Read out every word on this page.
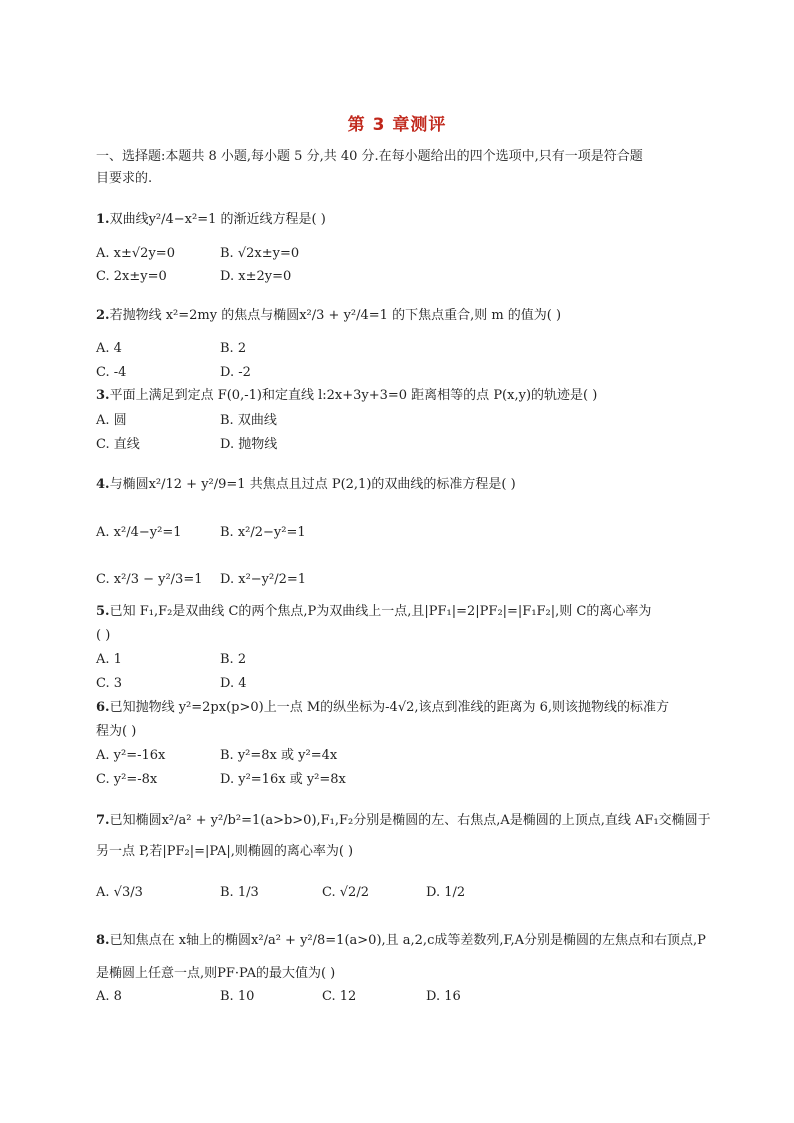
第 3 章测评
一、选择题:本题共 8 小题,每小题 5 分,共 40 分.在每小题给出的四个选项中,只有一项是符合题
目要求的.
1.双曲线y²/4−x²=1 的渐近线方程是( )
A. x±√2y=0	B. √2x±y=0
C. 2x±y=0	D. x±2y=0
2.若抛物线 x²=2my 的焦点与椭圆x²/3 + y²/4=1 的下焦点重合,则 m 的值为( )
A. 4	B. 2
C. -4	D. -2
3.平面上满足到定点 F(0,-1)和定直线 l:2x+3y+3=0 距离相等的点 P(x,y)的轨迹是( )
A. 圆	B. 双曲线
C. 直线	D. 抛物线
4.与椭圆x²/12 + y²/9=1 共焦点且过点 P(2,1)的双曲线的标准方程是( )
A. x²/4−y²=1	B. x²/2−y²=1
C. x²/3 − y²/3=1 D. x²−y²/2=1
5.已知 F₁,F₂是双曲线 C的两个焦点,P为双曲线上一点,且|PF₁|=2|PF₂|=|F₁F₂|,则 C的离心率为
( )
A. 1	B. 2
C. 3	D. 4
6.已知抛物线 y²=2px(p>0)上一点 M的纵坐标为-4√2,该点到准线的距离为 6,则该抛物线的标准方
程为( )
A. y²=-16x	B. y²=8x 或 y²=4x
C. y²=-8x	D. y²=16x 或 y²=8x
7.已知椭圆x²/a² + y²/b²=1(a>b>0),F₁,F₂分别是椭圆的左、右焦点,A是椭圆的上顶点,直线 AF₁交椭圆于
另一点 P,若|PF₂|=|PA|,则椭圆的离心率为( )
A. √3/3	B. 1/3	C. √2/2	D. 1/2
8.已知焦点在 x轴上的椭圆x²/a² + y²/8=1(a>0),且 a,2,c成等差数列,F,A分别是椭圆的左焦点和右顶点,P
是椭圆上任意一点,则PF·PA的最大值为( )
A. 8	B. 10	C. 12	D. 16
